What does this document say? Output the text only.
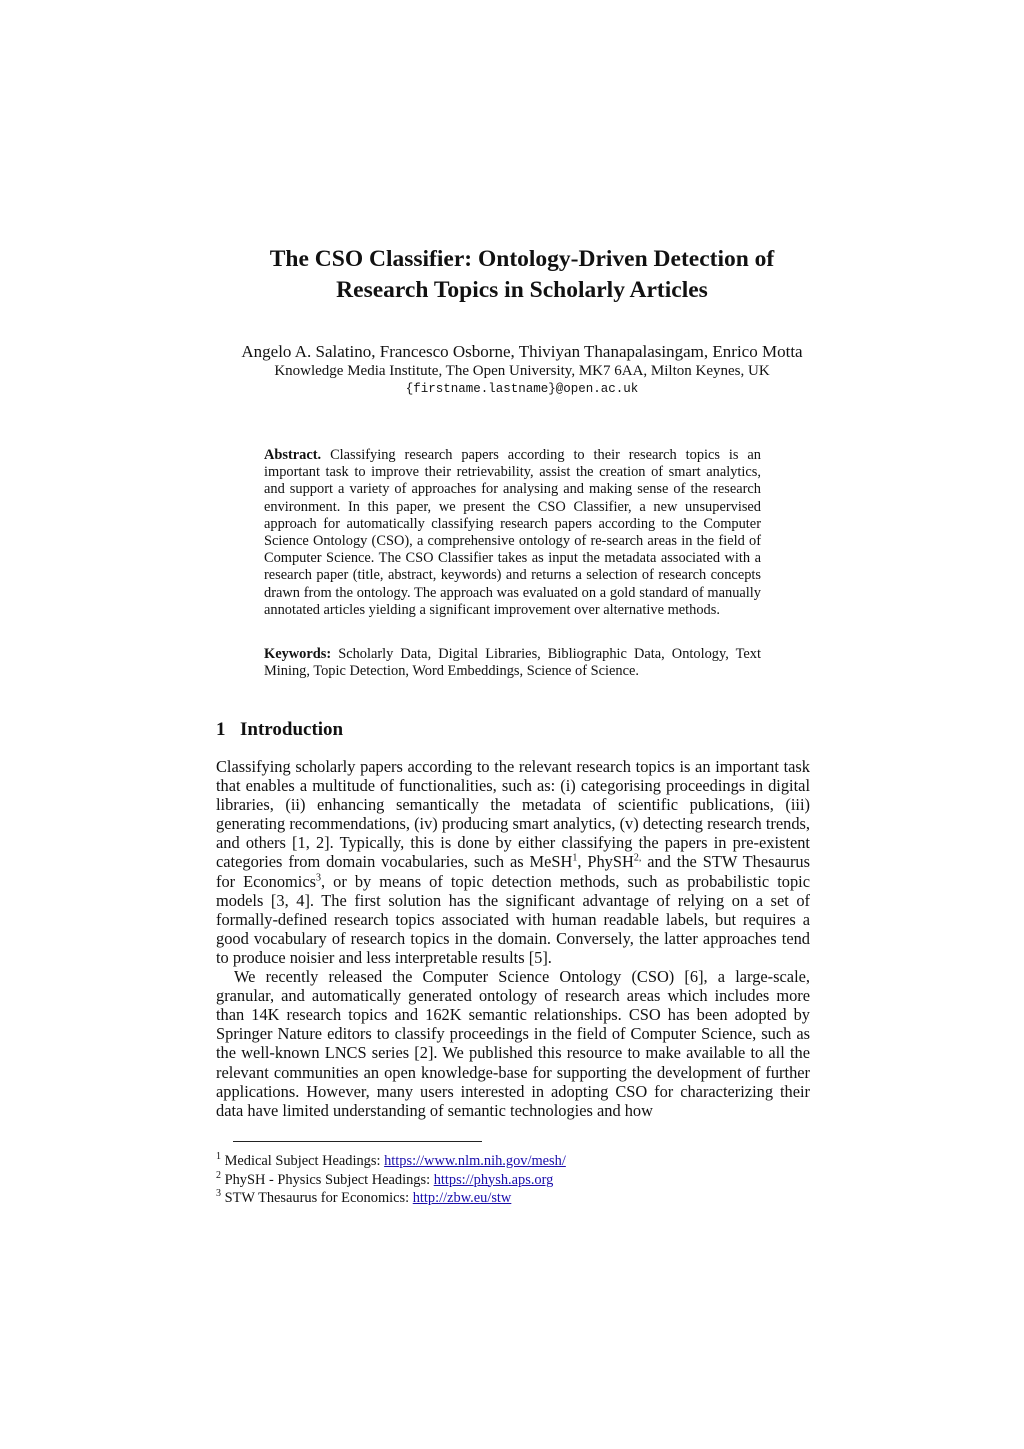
The CSO Classifier: Ontology-Driven Detection of
Research Topics in Scholarly Articles
Angelo A. Salatino, Francesco Osborne, Thiviyan Thanapalasingam, Enrico Motta
Knowledge Media Institute, The Open University, MK7 6AA, Milton Keynes, UK
{firstname.lastname}@open.ac.uk
Abstract. Classifying research papers according to their research topics is an important task to improve their retrievability, assist the creation of smart analytics, and support a variety of approaches for analysing and making sense of the research environment. In this paper, we present the CSO Classifier, a new unsupervised approach for automatically classifying research papers according to the Computer Science Ontology (CSO), a comprehensive ontology of re-search areas in the field of Computer Science. The CSO Classifier takes as input the metadata associated with a research paper (title, abstract, keywords) and returns a selection of research concepts drawn from the ontology. The approach was evaluated on a gold standard of manually annotated articles yielding a significant improvement over alternative methods.
Keywords: Scholarly Data, Digital Libraries, Bibliographic Data, Ontology, Text Mining, Topic Detection, Word Embeddings, Science of Science.
1 Introduction

Classifying scholarly papers according to the relevant research topics is an important task that enables a multitude of functionalities, such as: (i) categorising proceedings in digital libraries, (ii) enhancing semantically the metadata of scientific publications, (iii) generating recommendations, (iv) producing smart analytics, (v) detecting research trends, and others [1, 2]. Typically, this is done by either classifying the papers in pre-existent categories from domain vocabularies, such as MeSH$^1$, PhySH$^{2,}$ and the STW Thesaurus for Economics$^3$, or by means of topic detection methods, such as probabilistic topic models [3, 4]. The first solution has the significant advantage of relying on a set of formally-defined research topics associated with human readable labels, but requires a good vocabulary of research topics in the domain. Conversely, the latter approaches tend to produce noisier and less interpretable results [5].

We recently released the Computer Science Ontology (CSO) [6], a large-scale, granular, and automatically generated ontology of research areas which includes more than 14K research topics and 162K semantic relationships. CSO has been adopted by Springer Nature editors to classify proceedings in the field of Computer Science, such as the well-known LNCS series [2]. We published this resource to make available to all the relevant communities an open knowledge-base for supporting the development of further applications. However, many users interested in adopting CSO for characterizing their data have limited understanding of semantic technologies and how

$^1$ Medical Subject Headings: https://www.nlm.nih.gov/mesh/
$^2$ PhySH - Physics Subject Headings: https://physh.aps.org
$^3$ STW Thesaurus for Economics: http://zbw.eu/stw
